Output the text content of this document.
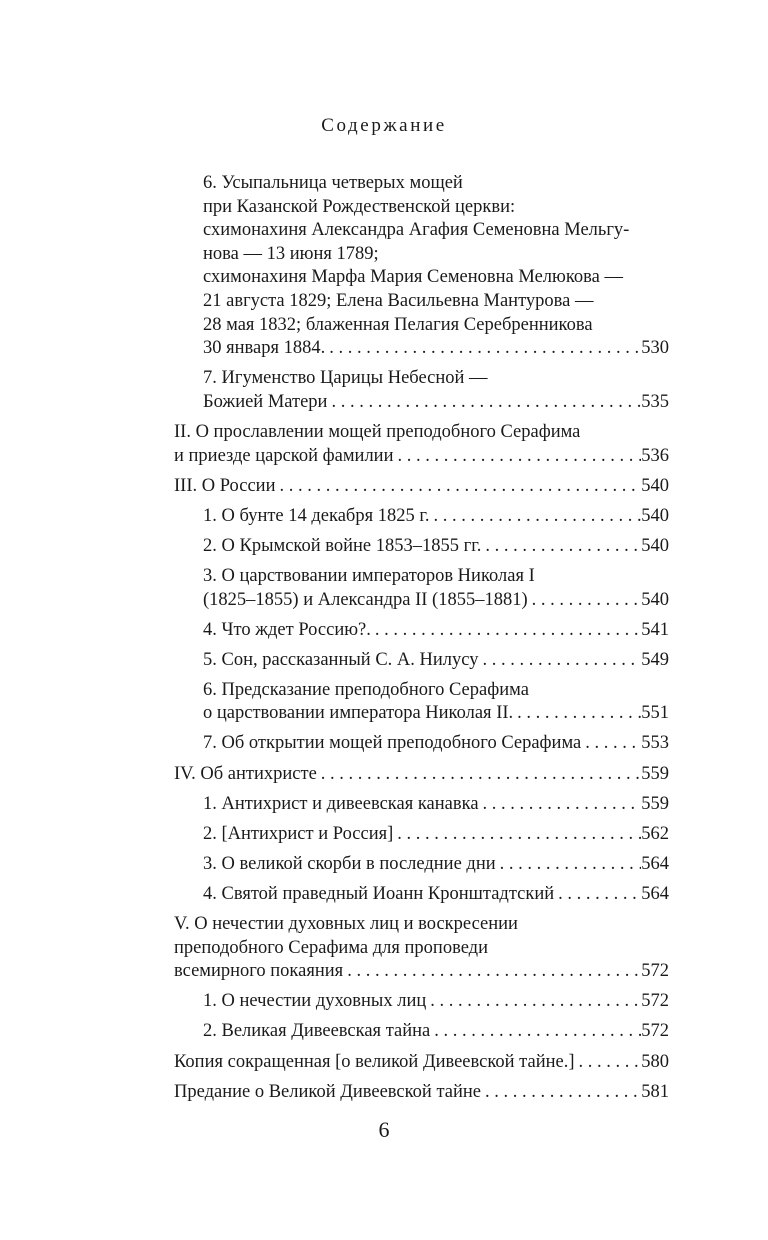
Содержание
6. Усыпальница четверых мощей
при Казанской Рождественской церкви:
схимонахиня Александра Агафия Семеновна Мельгу-
нова — 13 июня 1789;
схимонахиня Марфа Мария Семеновна Мелюкова —
21 августа 1829; Елена Васильевна Мантурова —
28 мая 1832; блаженная Пелагия Серебренникова
30 января 1884. . . .	530
7. Игуменство Царицы Небесной —
Божией Матери . . .	535
II. О прославлении мощей преподобного Серафима
и приезде царской фамилии . . .	536
III. О России . . .	540
1. О бунте 14 декабря 1825 г. . . .	540
2. О Крымской войне 1853–1855 гг. . . .	540
3. О царствовании императоров Николая I
(1825–1855) и Александра II (1855–1881) . . .	540
4. Что ждет Россию?. . . .	541
5. Сон, рассказанный С. А. Нилусу . . .	549
6. Предсказание преподобного Серафима
о царствовании императора Николая II. . . .	551
7. Об открытии мощей преподобного Серафима . . .	553
IV. Об антихристе . . .	559
1. Антихрист и дивеевская канавка . . .	559
2. [Антихрист и Россия] . . .	562
3. О великой скорби в последние дни . . .	564
4. Святой праведный Иоанн Кронштадтский . . .	564
V. О нечестии духовных лиц и воскресении
преподобного Серафима для проповеди
всемирного покаяния . . .	572
1. О нечестии духовных лиц . . .	572
2. Великая Дивеевская тайна . . .	572
Копия сокращенная [о великой Дивеевской тайне.] . . .	580
Предание о Великой Дивеевской тайне . . .	581
6
